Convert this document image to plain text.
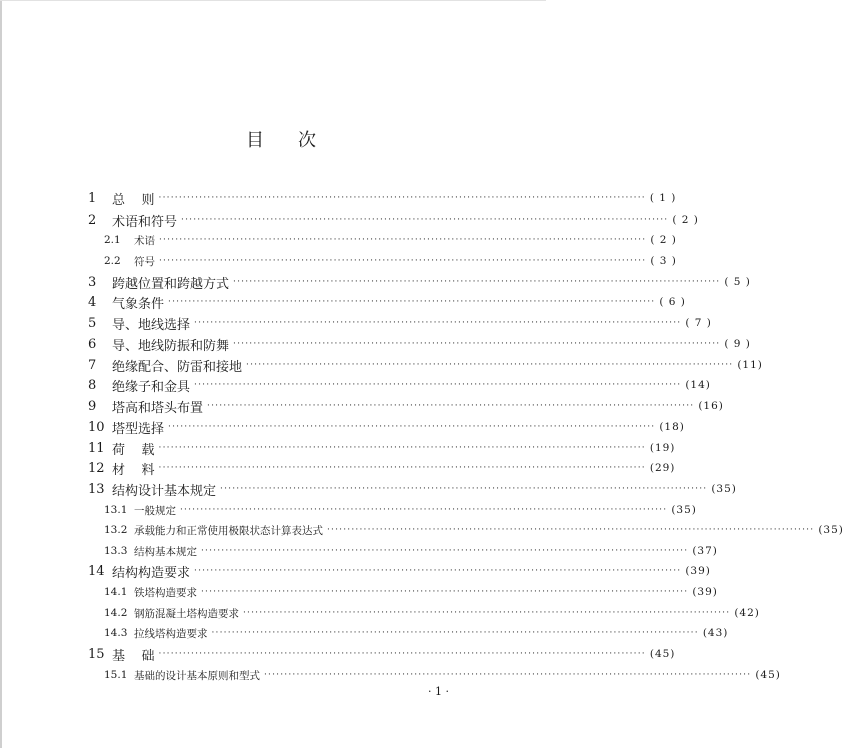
目 次
1	总    则 ························································································································ ( 1 )
2	术语和符号 ························································································································ ( 2 )
2.1	术语 ························································································································ ( 2 )
2.2	符号 ························································································································ ( 3 )
3	跨越位置和跨越方式 ························································································································ ( 5 )
4	气象条件 ························································································································ ( 6 )
5	导、地线选择 ························································································································ ( 7 )
6	导、地线防振和防舞 ························································································································ ( 9 )
7	绝缘配合、防雷和接地 ························································································································ (11)
8	绝缘子和金具 ························································································································ (14)
9	塔高和塔头布置 ························································································································ (16)
10 塔型选择 ························································································································ (18)
11 荷    载 ························································································································ (19)
12 材    料 ························································································································ (29)
13 结构设计基本规定 ························································································································ (35)
13.1 一般规定 ························································································································ (35)
13.2 承载能力和正常使用极限状态计算表达式 ························································································································ (35)
13.3 结构基本规定 ························································································································ (37)
14 结构构造要求 ························································································································ (39)
14.1 铁塔构造要求 ························································································································ (39)
14.2 钢筋混凝土塔构造要求 ························································································································ (42)
14.3 拉线塔构造要求 ························································································································ (43)
15 基    础 ························································································································ (45)
15.1 基础的设计基本原则和型式 ························································································································ (45)
· 1 ·
